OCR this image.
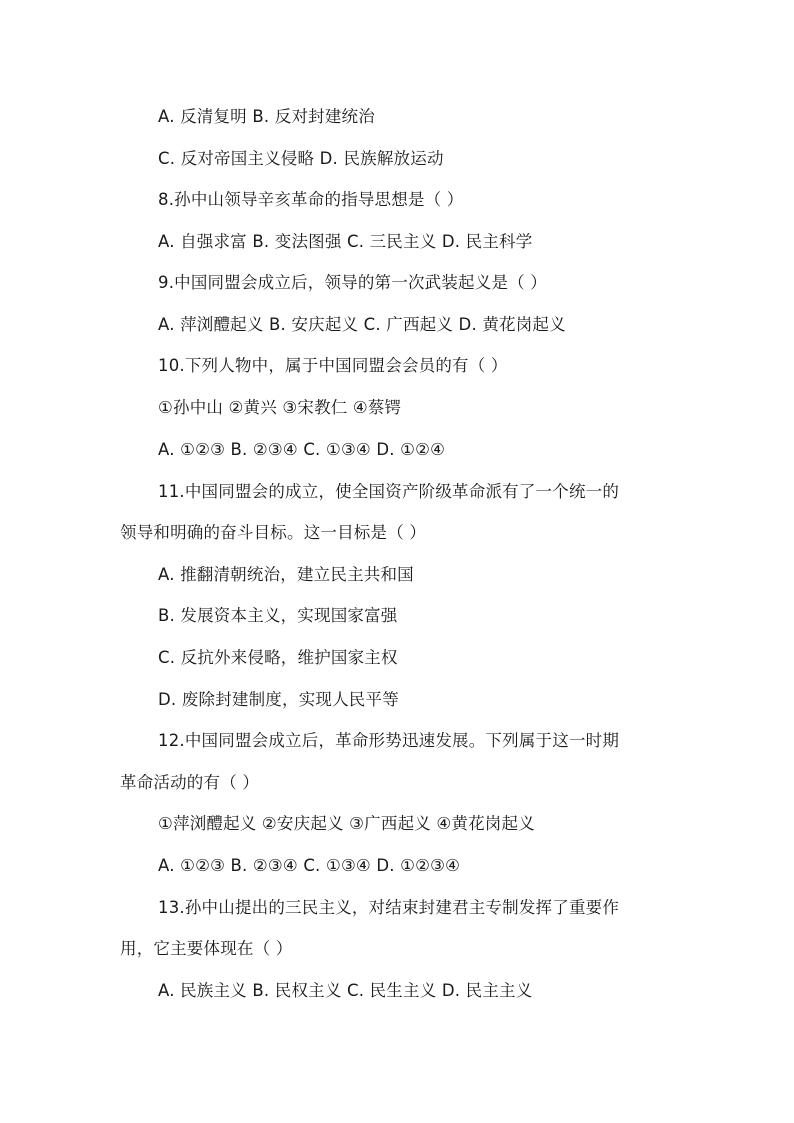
A. 反清复明 B. 反对封建统治
C. 反对帝国主义侵略 D. 民族解放运动
8.孙中山领导辛亥革命的指导思想是（ ）
A. 自强求富 B. 变法图强 C. 三民主义 D. 民主科学
9.中国同盟会成立后，领导的第一次武装起义是（ ）
A. 萍浏醴起义 B. 安庆起义 C. 广西起义 D. 黄花岗起义
10.下列人物中，属于中国同盟会会员的有（ ）
①孙中山 ②黄兴 ③宋教仁 ④蔡锷
A. ①②③ B. ②③④ C. ①③④ D. ①②④
11.中国同盟会的成立，使全国资产阶级革命派有了一个统一的
领导和明确的奋斗目标。这一目标是（ ）
A. 推翻清朝统治，建立民主共和国
B. 发展资本主义，实现国家富强
C. 反抗外来侵略，维护国家主权
D. 废除封建制度，实现人民平等
12.中国同盟会成立后，革命形势迅速发展。下列属于这一时期
革命活动的有（ ）
①萍浏醴起义 ②安庆起义 ③广西起义 ④黄花岗起义
A. ①②③ B. ②③④ C. ①③④ D. ①②③④
13.孙中山提出的三民主义，对结束封建君主专制发挥了重要作
用，它主要体现在（ ）
A. 民族主义 B. 民权主义 C. 民生主义 D. 民主主义
